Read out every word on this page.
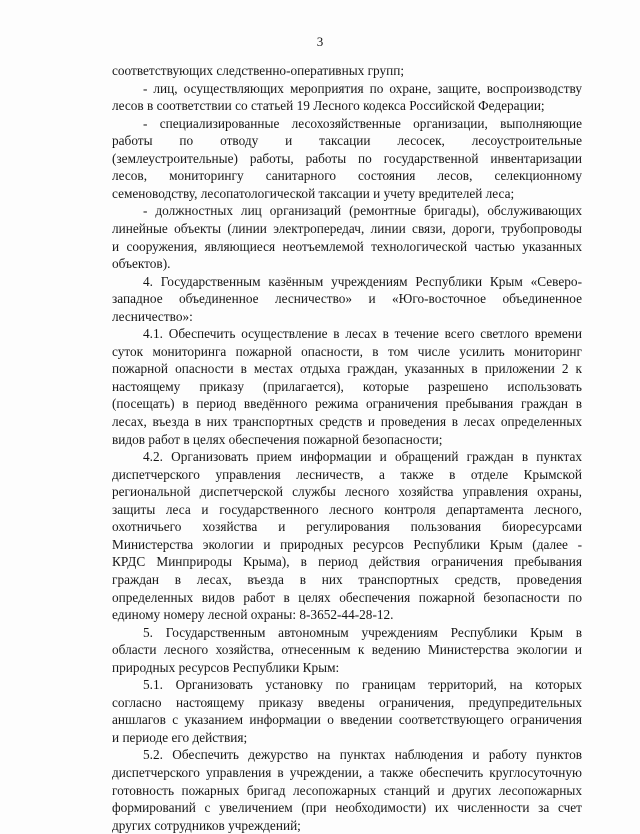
3
соответствующих следственно-оперативных групп;
- лиц, осуществляющих мероприятия по охране, защите, воспроизводству
лесов в соответствии со статьей 19 Лесного кодекса Российской Федерации;
- специализированные лесохозяйственные организации, выполняющие
работы по отводу и таксации лесосек, лесоустроительные
(землеустроительные) работы, работы по государственной инвентаризации
лесов, мониторингу санитарного состояния лесов, селекционному
семеноводству, лесопатологической таксации и учету вредителей леса;
- должностных лиц организаций (ремонтные бригады), обслуживающих
линейные объекты (линии электропередач, линии связи, дороги, трубопроводы
и сооружения, являющиеся неотъемлемой технологической частью указанных
объектов).
4. Государственным казённым учреждениям Республики Крым «Северо-
западное объединенное лесничество» и «Юго-восточное объединенное
лесничество»:
4.1. Обеспечить осуществление в лесах в течение всего светлого времени
суток мониторинга пожарной опасности, в том числе усилить мониторинг
пожарной опасности в местах отдыха граждан, указанных в приложении 2 к
настоящему приказу (прилагается), которые разрешено использовать
(посещать) в период введённого режима ограничения пребывания граждан в
лесах, въезда в них транспортных средств и проведения в лесах определенных
видов работ в целях обеспечения пожарной безопасности;
4.2. Организовать прием информации и обращений граждан в пунктах
диспетчерского управления лесничеств, а также в отделе Крымской
региональной диспетчерской службы лесного хозяйства управления охраны,
защиты леса и государственного лесного контроля департамента лесного,
охотничьего хозяйства и регулирования пользования биоресурсами
Министерства экологии и природных ресурсов Республики Крым (далее -
КРДС Минприроды Крыма), в период действия ограничения пребывания
граждан в лесах, въезда в них транспортных средств, проведения
определенных видов работ в целях обеспечения пожарной безопасности по
единому номеру лесной охраны: 8-3652-44-28-12.
5. Государственным автономным учреждениям Республики Крым в
области лесного хозяйства, отнесенным к ведению Министерства экологии и
природных ресурсов Республики Крым:
5.1. Организовать установку по границам территорий, на которых
согласно настоящему приказу введены ограничения, предупредительных
аншлагов с указанием информации о введении соответствующего ограничения
и периоде его действия;
5.2. Обеспечить дежурство на пунктах наблюдения и работу пунктов
диспетчерского управления в учреждении, а также обеспечить круглосуточную
готовность пожарных бригад лесопожарных станций и других лесопожарных
формирований с увеличением (при необходимости) их численности за счет
других сотрудников учреждений;
